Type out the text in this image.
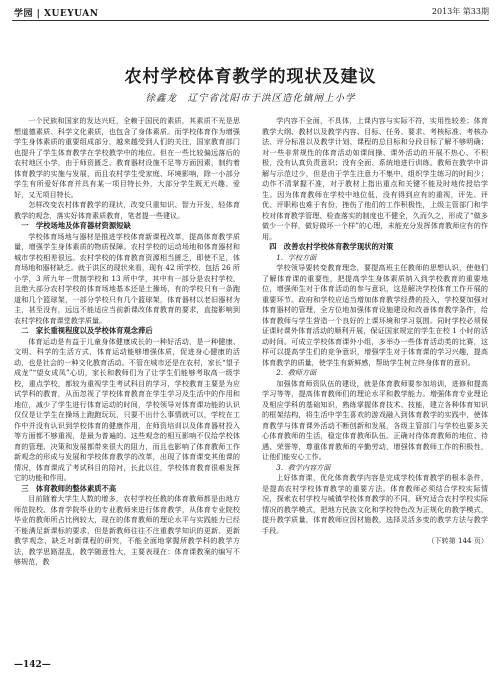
学园 | XUEYUAN	2013年 第33期
农村学校体育教学的现状及建议
徐鑫龙　辽宁省沈阳市于洪区造化镇闸上小学

一个民族和国家的发达兴旺，全赖于国民的素质，其素质不光是思想道德素质、科学文化素质，也包含了身体素质。而学校体育作为增强学生身体素质的重要组成部分，越来越受到人们的关注，国家教育部门也提升了学生体育教学在学校教学中的地位。但在一些比较偏远落后的农村地区小学，由于师资匮乏、教育器材设施不足等方面因素，制约着体育教学的实施与发展，而且农村学生受家庭、环境影响，除一小部分学生有所爱好体育并具有某一项目特长外，大部分学生既无兴趣、爱好，又无项目特长。

怎样改变农村体育教学的现状，改变只重知识、智力开发，轻体育教学的观念，落实好体育素质教育，笔者提一些建议。

一　学校场地及体育器材资源短缺

学校体育场地与器材是推进学校体育新课程改革，提高体育教学质量，增强学生身体素质的物质保障。农村学校的运动场地和体育器材和城市学校相差很远。农村学校的体育教育资源相当匮乏，即使不足，体育场地和器材缺乏。就于洪区的现状来看，现有 42 所学校，包括 26 所小学，3 所九年一贯制学校和 13 所中学，其中有一部分是农村学校，且绝大部分农村学校的体育场地基本还是土操场，有的学校只有一条跑道和几个篮球架，一部分学校只有几个篮球架，体育器材以老旧器材为主，甚至没有，远远不能适应当前新课改体育教育的要求，直接影响到农村学校体育课堂教学质量。

二　家长重视程度以及学校体育观念滞后

体育运动是有益于儿童身体健康成长的一种好活动，是一种健康、文明、科学的生活方式，体育运动能够增强体质，促进身心健康的活动，也是社会的一种文化教育活动。不管在城市还是在农村，家长“望子成龙”“望女成凤”心切，家长和教师们为了让学生们能够考取高一级学校，重点学校，都较为重视学生考试科目的学习，学校教育主要是为应试学科的教育，从而忽视了学校体育教育在学生学习及生活中的作用和地位，减少了学生进行体育运动的时间，学校领导对体育课功能的认识仅仅是让学生在操场上跑跑玩玩，只要不出什么事情就可以，学校在工作中并没有认识到学校体育的健康作用，在师资培训以及体育器材投入等方面都不够重视，是最为普遍的。这些观念的相互影响不仅给学校体育的管理、决策和发展都带来很大的阻力，而且也影响了体育教师工作新观念的形成与发展和学校体育教学的改革，出现了体育课变其他课的情况，体育课成了考试科目的陪衬，长此以往，学校体育教育很难发挥它的功能和作用。

三　体育教师的整体素质不高

目前随着大学生人数的增多，农村学校任教的体育教师都是由地方师范院校、体育学院毕业的专业教师来进行体育教学，从体育专业院校毕业的教师所占比例较大，现在的体育教师的理论水平与实践能力已经不能满足新课标的要求，但是新教师往往不注重教学知识的更新、更新教学观念，缺乏对新课程的研究，不能全面地掌握所教学科的教学方法，教学思路混乱，教学随意性大，主要表现在：体育课教案的编写不够规范，教

学内容不全面，不具体，上课内容与实际不符，实用性较差；体育教学大纲、教材以及教学内容、目标、任务、要求、考核标准、考核办法、评分标准以及教学计划、课程的总目标和分段目标了解不够明确；对一些非常规性的体育活动如课间操、课外活动的开展不热心、不积极，没有认真负责意识；没有全面、系统地进行训练。教师在教学中讲解与示范过少，但是由于学生注意力不集中，组织学生练习的时间少；动作不清掌握不准，对于教材上指出重点和关键不能及时地传授给学生。因为体育教师在学校中地位低，没有得到应有的重视，评先、评优、评职称也难于有份，挫伤了他们的工作积极性，上级主管部门和学校对体育教学管理、检查落实的制度也不健全，久而久之，形成了“做多做少一个样，做好做坏一个样”的心理，未能充分发挥体育教师应有的作用。

四　改善农村学校体育教学现状的对策
1．学校方面

学校领导要转变教育理念，要提高班主任教师的思想认识，使他们了解体育课的重要性，把提高学生身体素质纳入到学校教育的重要地位，增强师生对于体育活动的参与意识，这是解决学校体育工作开展的重要环节。政府和学校应适当增加体育教学经费的投入，学校要加强对体育器材的管理，全方位地加强体育设施建设和改善体育教学条件，给体育教师与学生营造一个良好的上课环境和学习氛围。同时学校必须保证课时课外体育活动的顺利开展，保证国家规定的学生在校 1 小时的活动时间。可成立学校体育课外小组，多举办一些体育活动类的比赛，这样可以提高学生们的竞争意识，增强学生对于体育课的学习兴趣，提高体育教学的质量，使学生有新鲜感，帮助学生树立终身体育的意识。

2．教师方面

加强体育师资队伍的建设，就是体育教师要参加培训，进修和提高学习等等，提高体育教师们的理论水平和教学能力。增强体育专业理论及相应学科的基础知识，熟练掌握体育技术、技能，建立各种体育知识的框架结构，将生活中学生喜欢的游戏融入到体育教学的实践中，使体育教学与体育课外活动不断创新和发展，各级主管部门与学校也要多关心体育教师的生活，稳定体育教师队伍。正确对待体育教师的地位、待遇、荣誉等，尊重体育教师的辛勤劳动，增强体育教师工作的积极性，让他们能安心工作。

3．教学内容方面

上好体育课，优化体育教学内容是完成学校体育教学的根本条件，是提高农村学校体育教学的重要方法。体育教师必须结合学校实际情况，探索农村学校与城镇学校体育教学的不同，研究适合农村学校实际情况的教学模式，把地方民族文化和学校特色改为正规化的教学模式，提升教学质量，体育教师应因材施教，选择灵活多变的教学方法与教学手段。

（下转第 144 页）

—142—
